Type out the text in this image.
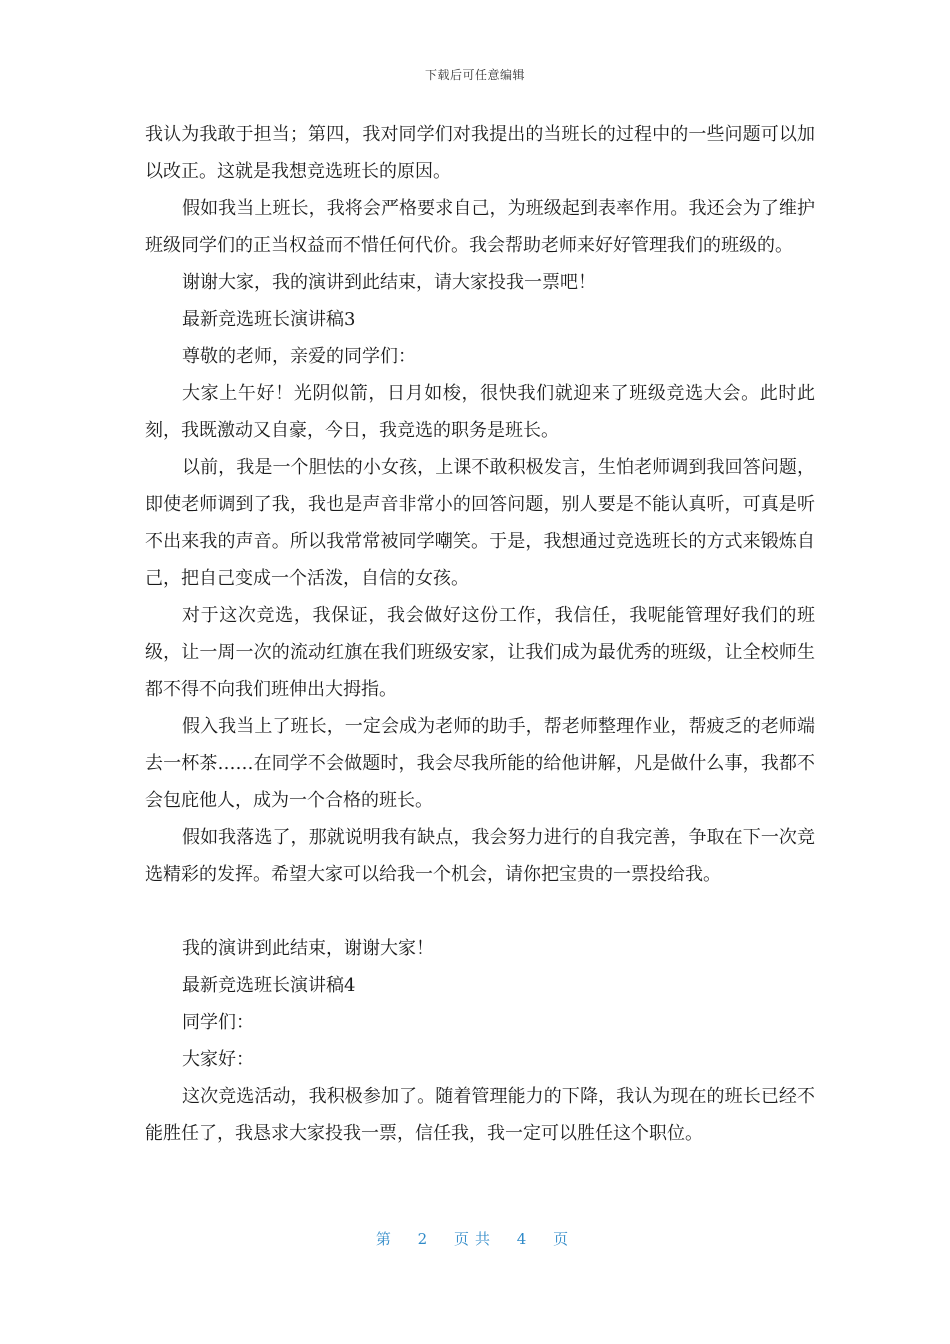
下载后可任意编辑

我认为我敢于担当；第四，我对同学们对我提出的当班长的过程中的一些问题可以加以改正。这就是我想竞选班长的原因。

假如我当上班长，我将会严格要求自己，为班级起到表率作用。我还会为了维护班级同学们的正当权益而不惜任何代价。我会帮助老师来好好管理我们的班级的。

谢谢大家，我的演讲到此结束，请大家投我一票吧！

最新竞选班长演讲稿3

尊敬的老师，亲爱的同学们：

大家上午好！光阴似箭，日月如梭，很快我们就迎来了班级竞选大会。此时此刻，我既激动又自豪，今日，我竞选的职务是班长。

以前，我是一个胆怯的小女孩，上课不敢积极发言，生怕老师调到我回答问题，即使老师调到了我，我也是声音非常小的回答问题，别人要是不能认真听，可真是听不出来我的声音。所以我常常被同学嘲笑。于是，我想通过竞选班长的方式来锻炼自己，把自己变成一个活泼，自信的女孩。

对于这次竞选，我保证，我会做好这份工作，我信任，我呢能管理好我们的班级，让一周一次的流动红旗在我们班级安家，让我们成为最优秀的班级，让全校师生都不得不向我们班伸出大拇指。

假入我当上了班长，一定会成为老师的助手，帮老师整理作业，帮疲乏的老师端去一杯茶……在同学不会做题时，我会尽我所能的给他讲解，凡是做什么事，我都不会包庇他人，成为一个合格的班长。

假如我落选了，那就说明我有缺点，我会努力进行的自我完善，争取在下一次竞选精彩的发挥。希望大家可以给我一个机会，请你把宝贵的一票投给我。

我的演讲到此结束，谢谢大家！

最新竞选班长演讲稿4

同学们：

大家好：

这次竞选活动，我积极参加了。随着管理能力的下降，我认为现在的班长已经不能胜任了，我恳求大家投我一票，信任我，我一定可以胜任这个职位。

第 2 页共 4 页
